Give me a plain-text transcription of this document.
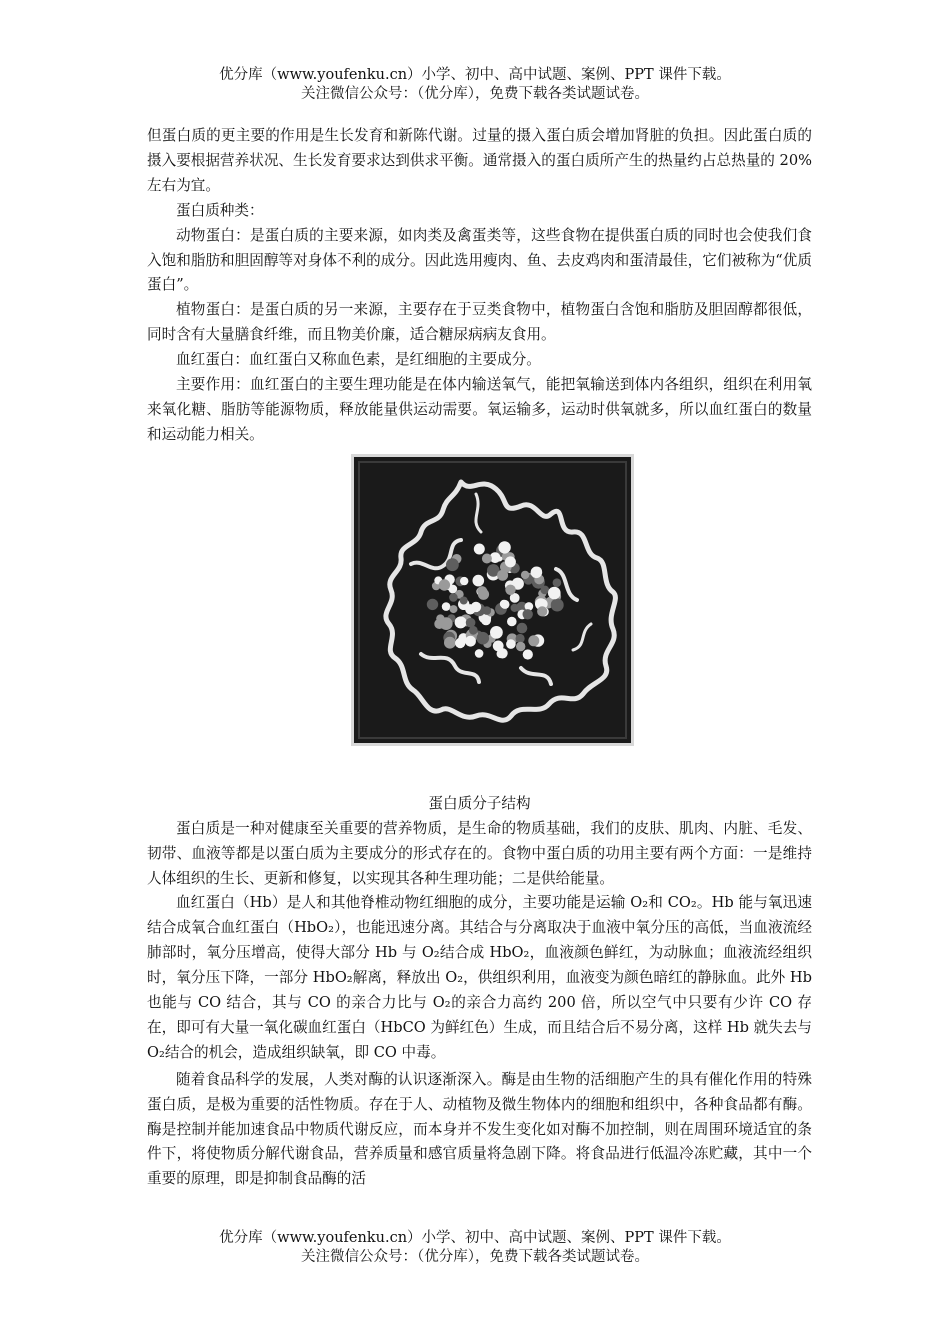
优分库（www.youfenku.cn）小学、初中、高中试题、案例、PPT 课件下载。
关注微信公众号：（优分库），免费下载各类试题试卷。

但蛋白质的更主要的作用是生长发育和新陈代谢。过量的摄入蛋白质会增加肾脏的负担。因此蛋白质的摄入要根据营养状况、生长发育要求达到供求平衡。通常摄入的蛋白质所产生的热量约占总热量的 20%左右为宜。

蛋白质种类：

动物蛋白：是蛋白质的主要来源，如肉类及禽蛋类等，这些食物在提供蛋白质的同时也会使我们食入饱和脂肪和胆固醇等对身体不利的成分。因此选用瘦肉、鱼、去皮鸡肉和蛋清最佳，它们被称为“优质蛋白”。

植物蛋白：是蛋白质的另一来源，主要存在于豆类食物中，植物蛋白含饱和脂肪及胆固醇都很低，同时含有大量膳食纤维，而且物美价廉，适合糖尿病病友食用。

血红蛋白：血红蛋白又称血色素，是红细胞的主要成分。

主要作用：血红蛋白的主要生理功能是在体内输送氧气，能把氧输送到体内各组织，组织在利用氧来氧化糖、脂肪等能源物质，释放能量供运动需要。氧运输多，运动时供氧就多，所以血红蛋白的数量和运动能力相关。

蛋白质分子结构

蛋白质是一种对健康至关重要的营养物质，是生命的物质基础，我们的皮肤、肌肉、内脏、毛发、韧带、血液等都是以蛋白质为主要成分的形式存在的。食物中蛋白质的功用主要有两个方面：一是维持人体组织的生长、更新和修复，以实现其各种生理功能；二是供给能量。

血红蛋白（Hb）是人和其他脊椎动物红细胞的成分，主要功能是运输 O₂和 CO₂。Hb 能与氧迅速结合成氧合血红蛋白（HbO₂），也能迅速分离。其结合与分离取决于血液中氧分压的高低，当血液流经肺部时，氧分压增高，使得大部分 Hb 与 O₂结合成 HbO₂，血液颜色鲜红，为动脉血；血液流经组织时，氧分压下降，一部分 HbO₂解离，释放出 O₂，供组织利用，血液变为颜色暗红的静脉血。此外 Hb 也能与 CO 结合，其与 CO 的亲合力比与 O₂的亲合力高约 200 倍，所以空气中只要有少许 CO 存在，即可有大量一氧化碳血红蛋白（HbCO 为鲜红色）生成，而且结合后不易分离，这样 Hb 就失去与 O₂结合的机会，造成组织缺氧，即 CO 中毒。

随着食品科学的发展，人类对酶的认识逐渐深入。酶是由生物的活细胞产生的具有催化作用的特殊蛋白质，是极为重要的活性物质。存在于人、动植物及微生物体内的细胞和组织中，各种食品都有酶。酶是控制并能加速食品中物质代谢反应，而本身并不发生变化如对酶不加控制，则在周围环境适宜的条件下，将使物质分解代谢食品，营养质量和感官质量将急剧下降。将食品进行低温冷冻贮藏，其中一个重要的原理，即是抑制食品酶的活

优分库（www.youfenku.cn）小学、初中、高中试题、案例、PPT 课件下载。
关注微信公众号：（优分库），免费下载各类试题试卷。
